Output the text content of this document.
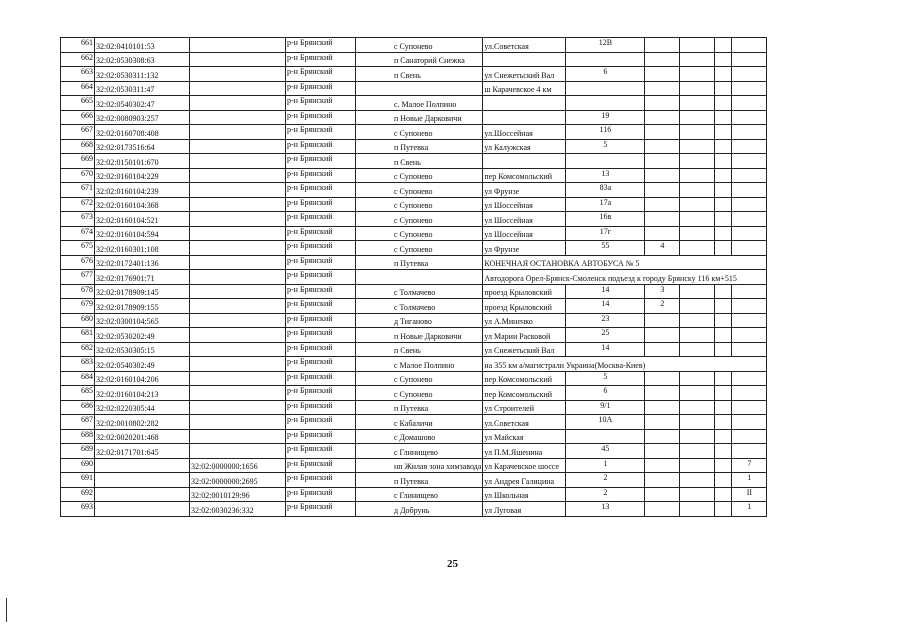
661	32:02:0410101:53		р-н Брянский	с Супонево	ул.Советская	12В				
662	32:02:0530308:63		р-н Брянский	п Санаторий Снежка						
663	32:02:0530311:132		р-н Брянский	п Свень	ул Снежетьский Вал	6				
664	32:02:0530311:47		р-н Брянский		ш Карачевское 4 км					
665	32:02:0540302:47		р-н Брянский	с. Малое Полпино						
666	32:02:0080903:257		р-н Брянский	п Новые Дарковичи		19				
667	32:02:0160708:408		р-н Брянский	с Супонево	ул.Шоссейная	116				
668	32:02:0173516:64		р-н Брянский	п Путевка	ул Калужская	5				
669	32:02:0150101:670		р-н Брянский	п Свень						
670	32:02:0160104:229		р-н Брянский	с Супонево	пер Комсомольский	13				
671	32:02:0160104:239		р-н Брянский	с Супонево	ул Фрунзе	83а				
672	32:02:0160104:368		р-н Брянский	с Супонево	ул Шоссейная	17а				
673	32:02:0160104:521		р-н Брянский	с Супонево	ул Шоссейная	16в				
674	32:02:0160104:594		р-н Брянский	с Супонево	ул Шоссейная	17г				
675	32:02:0160301:108		р-н Брянский	с Супонево	ул Фрунзе	55	4			
676	32:02:0172401:136		р-н Брянский	п Путевка	КОНЕЧНАЯ ОСТАНОВКА АВТОБУСА № 5					
677	32:02:0176901:71		р-н Брянский		Автодорога Орел-Брянск-Смоленск подъезд к городу Брянску 116 км+515					
678	32:02:0178909:145		р-н Брянский	с Толмачево	проезд Крыловский	14	3			
679	32:02:0178909:155		р-н Брянский	с Толмачево	проезд Крыловский	14	2			
680	32:02:0300104:565		р-н Брянский	д Тиганово	ул А.Миненко	23				
681	32:02:0530202:49		р-н Брянский	п Новые Дарковичи	ул Марии Расковой	25				
682	32:02:0530305:15		р-н Брянский	п Свень	ул Снежетьский Вал	14				
683	32:02:0540302:49		р-н Брянский	с Малое Полпино	на 355 км а/магистрали Украина(Москва-Киев)					
684	32:02:0160104:206		р-н Брянский	с Супонево	пер Комсомольский	5				
685	32:02:0160104:213		р-н Брянский	с Супонево	пер Комсомольский	6				
686	32:02:0220305:44		р-н Брянский	п Путевка	ул Строителей	9/1				
687	32:02:0010802:282		р-н Брянский	с Кабаличи	ул.Советская	10А				
688	32:02:0020201:468		р-н Брянский	с Домашово	ул Майская					
689	32:02:0171701:645		р-н Брянский	с Глинищево	ул П.М.Яшенина	45				
690		32:02:0000000:1656	р-н Брянский	нп Жилая зона химзавода	ул Карачевское шоссе	1				7
691		32:02:0000000:2695	р-н Брянский	п Путевка	ул Андрея Галицина	2				1
692		32:02:0010129:96	р-н Брянский	с Глинищево	ул Школьная	2				II
693		32:02:0030236:332	р-н Брянский	д Добрунь	ул Луговая	13				1
25
